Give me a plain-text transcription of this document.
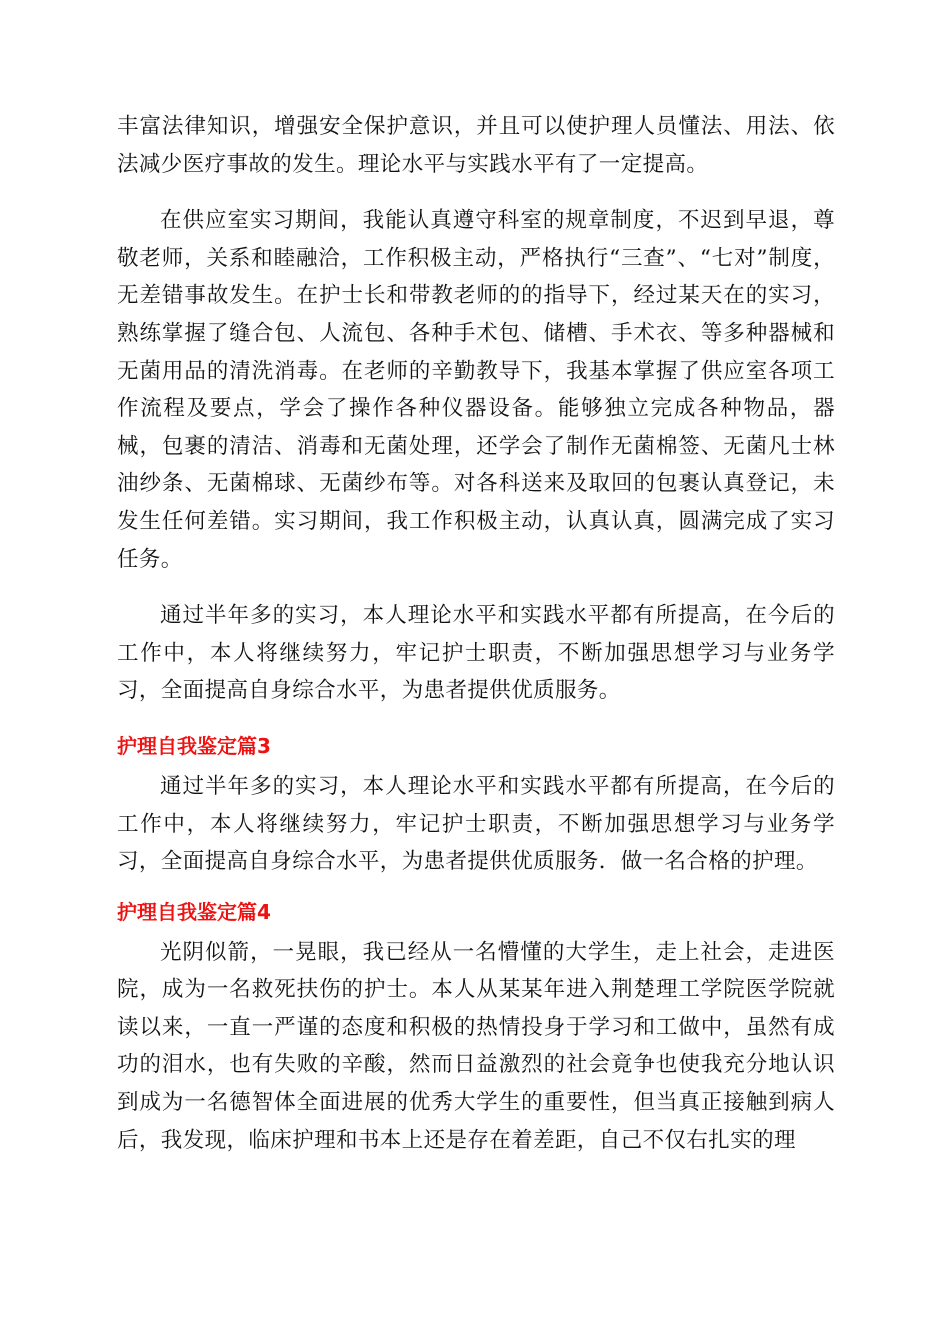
丰富法律知识，增强安全保护意识，并且可以使护理人员懂法、用法、依法减少医疗事故的发生。理论水平与实践水平有了一定提高。

在供应室实习期间，我能认真遵守科室的规章制度，不迟到早退，尊敬老师，关系和睦融洽，工作积极主动，严格执行“三查”、“七对”制度，无差错事故发生。在护士长和带教老师的的指导下，经过某天在的实习，熟练掌握了缝合包、人流包、各种手术包、储槽、手术衣、等多种器械和无菌用品的清洗消毒。在老师的辛勤教导下，我基本掌握了供应室各项工作流程及要点，学会了操作各种仪器设备。能够独立完成各种物品，器械，包裹的清洁、消毒和无菌处理，还学会了制作无菌棉签、无菌凡士林油纱条、无菌棉球、无菌纱布等。对各科送来及取回的包裹认真登记，未发生任何差错。实习期间，我工作积极主动，认真认真，圆满完成了实习任务。

通过半年多的实习，本人理论水平和实践水平都有所提高，在今后的工作中，本人将继续努力，牢记护士职责，不断加强思想学习与业务学习，全面提高自身综合水平，为患者提供优质服务。

护理自我鉴定篇3

通过半年多的实习，本人理论水平和实践水平都有所提高，在今后的工作中，本人将继续努力，牢记护士职责，不断加强思想学习与业务学习，全面提高自身综合水平，为患者提供优质服务．做一名合格的护理。

护理自我鉴定篇4

光阴似箭，一晃眼，我已经从一名懵懂的大学生，走上社会，走进医院，成为一名救死扶伤的护士。本人从某某年进入荆楚理工学院医学院就读以来，一直一严谨的态度和积极的热情投身于学习和工做中，虽然有成功的泪水，也有失败的辛酸，然而日益激烈的社会竟争也使我充分地认识到成为一名德智体全面进展的优秀大学生的重要性，但当真正接触到病人后，我发现，临床护理和书本上还是存在着差距，自己不仅右扎实的理
